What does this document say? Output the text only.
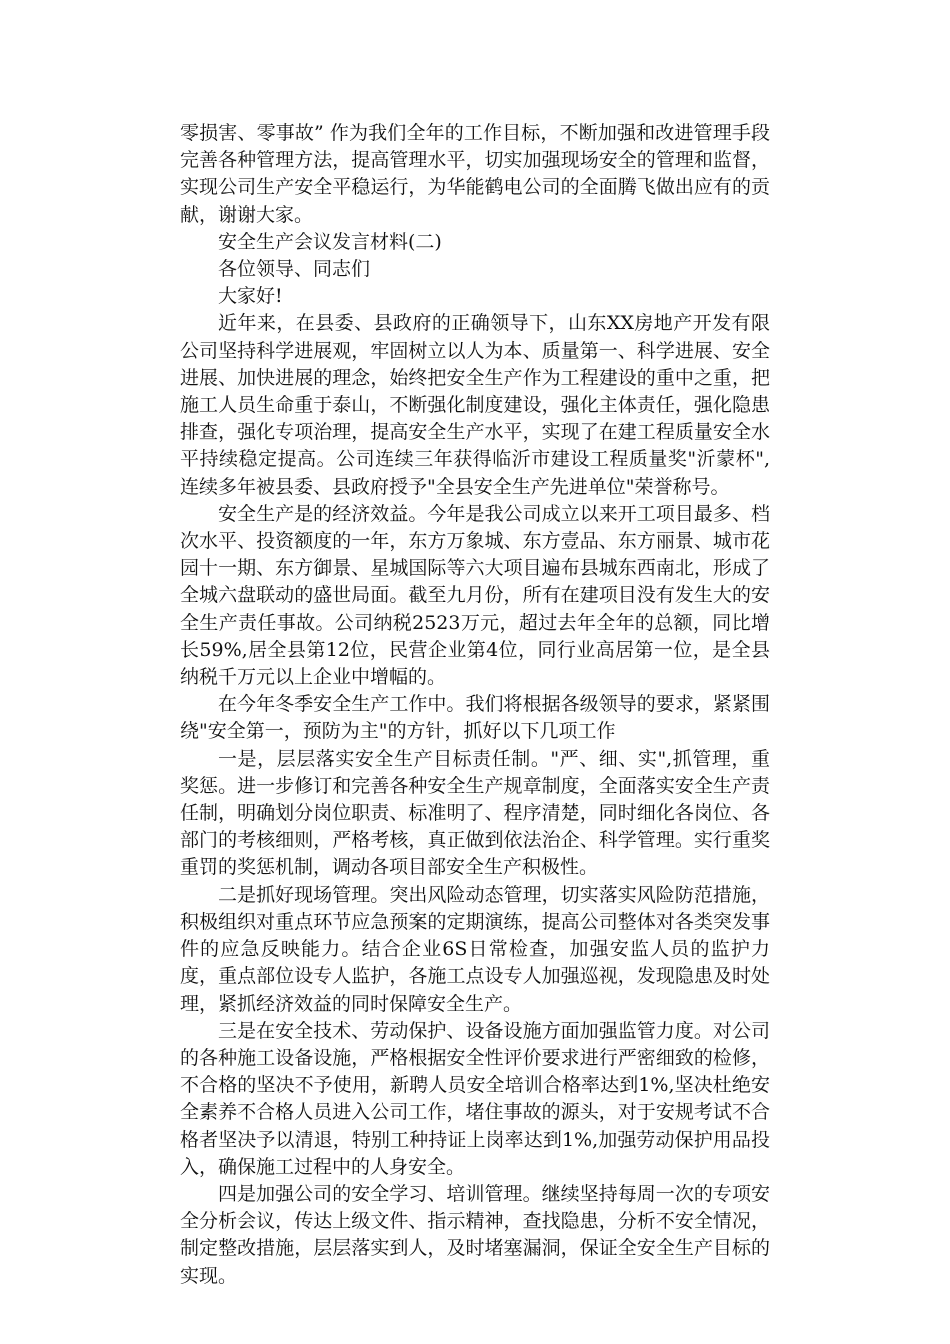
零损害、零事故” 作为我们全年的工作目标，不断加强和改进管理手段完善各种管理方法，提高管理水平，切实加强现场安全的管理和监督，实现公司生产安全平稳运行，为华能鹤电公司的全面腾飞做出应有的贡献，谢谢大家。

安全生产会议发言材料(二)

各位领导、同志们

大家好!

近年来，在县委、县政府的正确领导下，山东XX房地产开发有限公司坚持科学进展观，牢固树立以人为本、质量第一、科学进展、安全进展、加快进展的理念，始终把安全生产作为工程建设的重中之重，把施工人员生命重于泰山，不断强化制度建设，强化主体责任，强化隐患排查，强化专项治理，提高安全生产水平，实现了在建工程质量安全水平持续稳定提高。公司连续三年获得临沂市建设工程质量奖"沂蒙杯",连续多年被县委、县政府授予"全县安全生产先进单位"荣誉称号。

安全生产是的经济效益。今年是我公司成立以来开工项目最多、档次水平、投资额度的一年，东方万象城、东方壹品、东方丽景、城市花园十一期、东方御景、星城国际等六大项目遍布县城东西南北，形成了全城六盘联动的盛世局面。截至九月份，所有在建项目没有发生大的安全生产责任事故。公司纳税2523万元，超过去年全年的总额，同比增长59%,居全县第12位，民营企业第4位，同行业高居第一位，是全县纳税千万元以上企业中增幅的。

在今年冬季安全生产工作中。我们将根据各级领导的要求，紧紧围绕"安全第一，预防为主"的方针，抓好以下几项工作

一是，层层落实安全生产目标责任制。"严、细、实",抓管理，重奖惩。进一步修订和完善各种安全生产规章制度，全面落实安全生产责任制，明确划分岗位职责、标准明了、程序清楚，同时细化各岗位、各部门的考核细则，严格考核，真正做到依法治企、科学管理。实行重奖重罚的奖惩机制，调动各项目部安全生产积极性。

二是抓好现场管理。突出风险动态管理，切实落实风险防范措施，积极组织对重点环节应急预案的定期演练，提高公司整体对各类突发事件的应急反映能力。结合企业6S日常检查，加强安监人员的监护力度，重点部位设专人监护，各施工点设专人加强巡视，发现隐患及时处理，紧抓经济效益的同时保障安全生产。

三是在安全技术、劳动保护、设备设施方面加强监管力度。对公司的各种施工设备设施，严格根据安全性评价要求进行严密细致的检修，不合格的坚决不予使用，新聘人员安全培训合格率达到1%,坚决杜绝安全素养不合格人员进入公司工作，堵住事故的源头，对于安规考试不合格者坚决予以清退，特别工种持证上岗率达到1%,加强劳动保护用品投入，确保施工过程中的人身安全。

四是加强公司的安全学习、培训管理。继续坚持每周一次的专项安全分析会议，传达上级文件、指示精神，查找隐患，分析不安全情况，制定整改措施，层层落实到人，及时堵塞漏洞，保证全安全生产目标的实现。
